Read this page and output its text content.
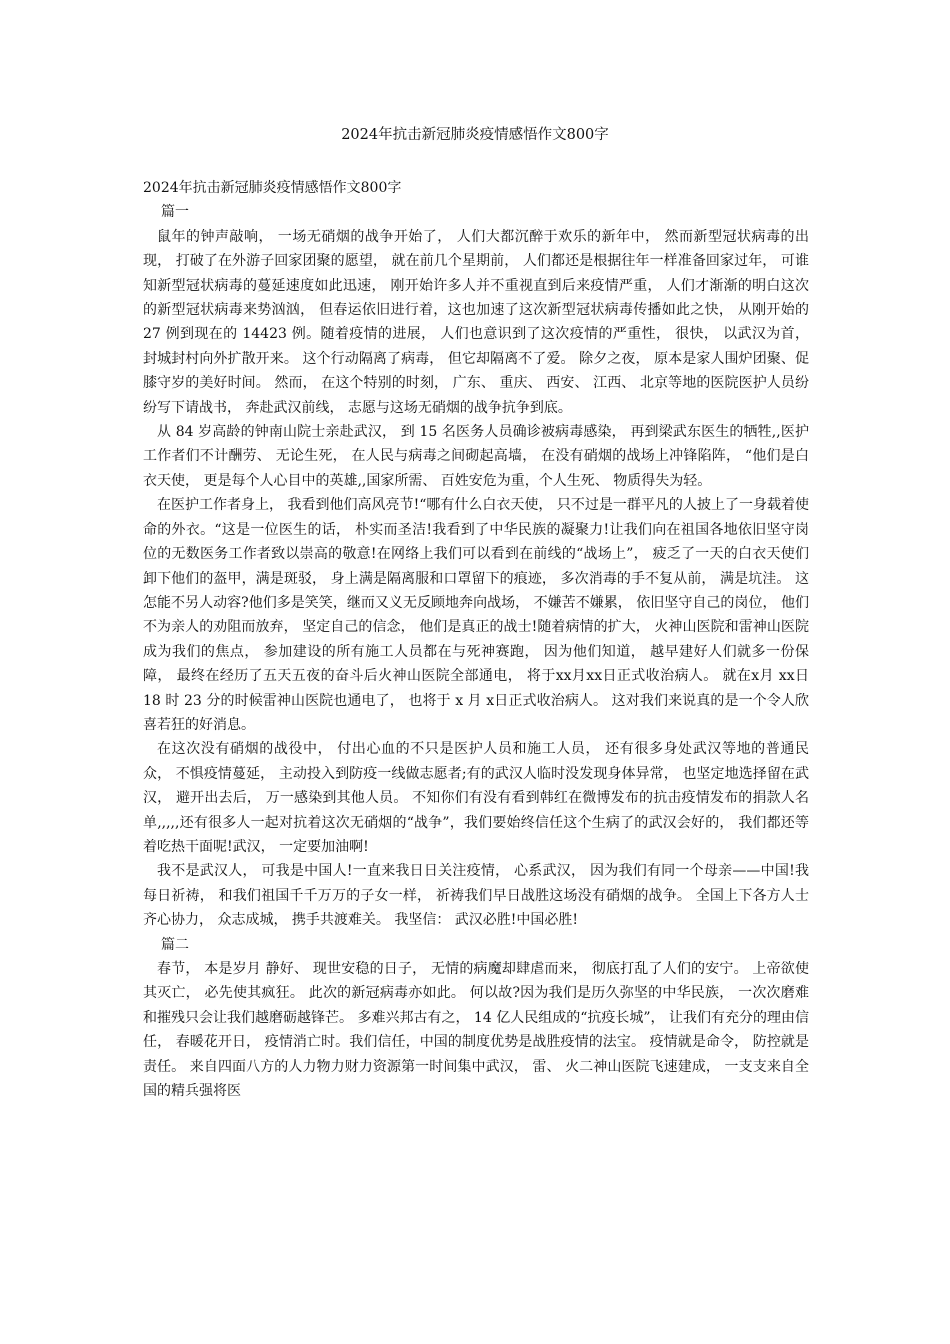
2024年抗击新冠肺炎疫情感悟作文800字

2024年抗击新冠肺炎疫情感悟作文800字

篇一

鼠年的钟声敲响， 一场无硝烟的战争开始了， 人们大都沉醉于欢乐的新年中， 然而新型冠状病毒的出现， 打破了在外游子回家团聚的愿望， 就在前几个星期前， 人们都还是根据往年一样准备回家过年， 可谁知新型冠状病毒的蔓延速度如此迅速， 刚开始许多人并不重视直到后来疫情严重， 人们才渐渐的明白这次的新型冠状病毒来势汹汹， 但春运依旧进行着，这也加速了这次新型冠状病毒传播如此之快， 从刚开始的 27 例到现在的 14423 例。随着疫情的进展， 人们也意识到了这次疫情的严重性， 很快， 以武汉为首， 封城封村向外扩散开来。 这个行动隔离了病毒， 但它却隔离不了爱。 除夕之夜， 原本是家人围炉团聚、促膝守岁的美好时间。 然而， 在这个特别的时刻， 广东、 重庆、 西安、 江西、 北京等地的医院医护人员纷纷写下请战书， 奔赴武汉前线， 志愿与这场无硝烟的战争抗争到底。

从 84 岁高龄的钟南山院士亲赴武汉， 到 15 名医务人员确诊被病毒感染， 再到梁武东医生的牺牲,,医护工作者们不计酬劳、 无论生死， 在人民与病毒之间砌起高墙， 在没有硝烟的战场上冲锋陷阵， “他们是白衣天使， 更是每个人心目中的英雄,,国家所需、 百姓安危为重，个人生死、 物质得失为轻。

在医护工作者身上， 我看到他们高风亮节!“哪有什么白衣天使， 只不过是一群平凡的人披上了一身载着使命的外衣。“这是一位医生的话， 朴实而圣洁!我看到了中华民族的凝聚力!让我们向在祖国各地依旧坚守岗位的无数医务工作者致以崇高的敬意!在网络上我们可以看到在前线的“战场上”， 疲乏了一天的白衣天使们卸下他们的盔甲，满是斑驳， 身上满是隔离服和口罩留下的痕迹， 多次消毒的手不复从前， 满是坑洼。 这怎能不另人动容?他们多是笑笑，继而又义无反顾地奔向战场， 不嫌苦不嫌累， 依旧坚守自己的岗位， 他们不为亲人的劝阻而放弃， 坚定自己的信念， 他们是真正的战士!随着病情的扩大， 火神山医院和雷神山医院成为我们的焦点， 参加建设的所有施工人员都在与死神赛跑， 因为他们知道， 越早建好人们就多一份保障， 最终在经历了五天五夜的奋斗后火神山医院全部通电， 将于xx月xx日正式收治病人。 就在x月 xx日 18 时 23 分的时候雷神山医院也通电了， 也将于 x 月 x日正式收治病人。 这对我们来说真的是一个令人欣喜若狂的好消息。

在这次没有硝烟的战役中， 付出心血的不只是医护人员和施工人员， 还有很多身处武汉等地的普通民众， 不惧疫情蔓延， 主动投入到防疫一线做志愿者;有的武汉人临时没发现身体异常， 也坚定地选择留在武汉， 避开出去后， 万一感染到其他人员。 不知你们有没有看到韩红在微博发布的抗击疫情发布的捐款人名单,,,,,还有很多人一起对抗着这次无硝烟的“战争”，我们要始终信任这个生病了的武汉会好的， 我们都还等着吃热干面呢!武汉， 一定要加油啊!

我不是武汉人， 可我是中国人!一直来我日日关注疫情， 心系武汉， 因为我们有同一个母亲——中国!我每日祈祷， 和我们祖国千千万万的子女一样， 祈祷我们早日战胜这场没有硝烟的战争。 全国上下各方人士齐心协力， 众志成城， 携手共渡难关。 我坚信： 武汉必胜!中国必胜!

篇二

春节， 本是岁月 静好、 现世安稳的日子， 无情的病魔却肆虐而来， 彻底打乱了人们的安宁。 上帝欲使其灭亡， 必先使其疯狂。 此次的新冠病毒亦如此。 何以故?因为我们是历久弥坚的中华民族， 一次次磨难和摧残只会让我们越磨砺越锋芒。 多难兴邦古有之， 14 亿人民组成的“抗疫长城”， 让我们有充分的理由信任， 春暖花开日， 疫情消亡时。我们信任，中国的制度优势是战胜疫情的法宝。 疫情就是命令， 防控就是责任。 来自四面八方的人力物力财力资源第一时间集中武汉， 雷、 火二神山医院飞速建成， 一支支来自全国的精兵强将医
